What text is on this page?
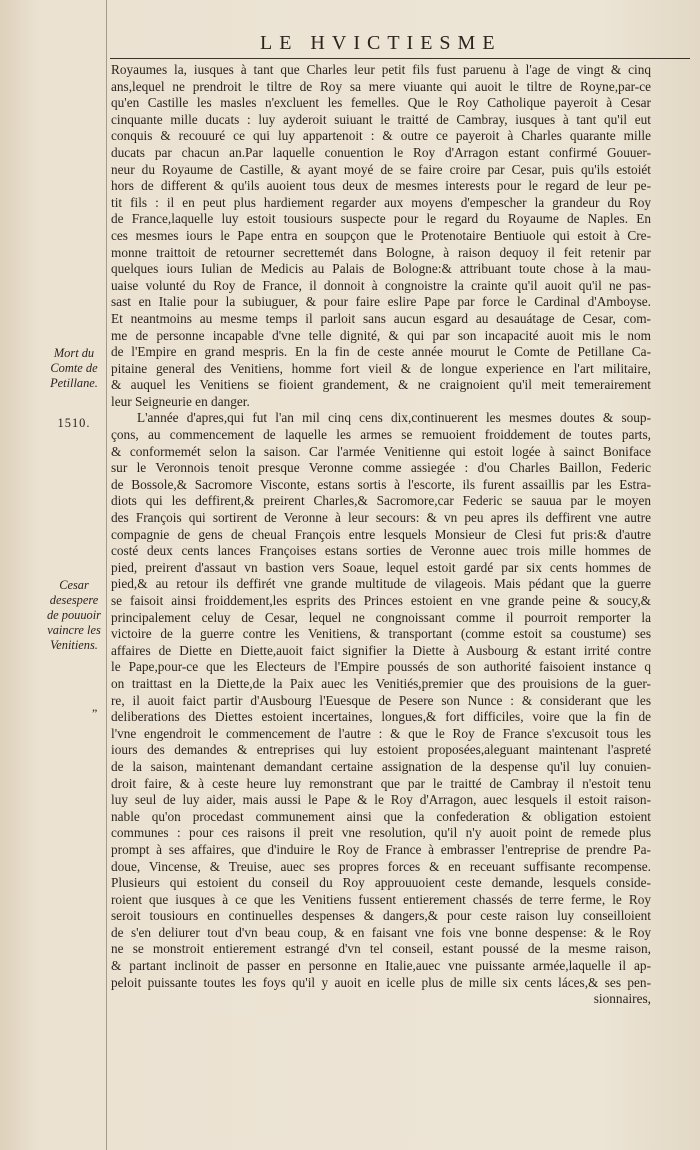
LE HVICTIESME
Mort du
Comte de
Petillane.
1510.
Cesar
desespere
de pouuoir
vaincre les
Venitiens.
”
Royaumes la, iusques à tant que Charles leur petit fils fust paruenu à l'age de vingt & cinq
ans,lequel ne prendroit le tiltre de Roy sa mere viuante qui auoit le tiltre de Royne,par-ce
qu'en Castille les masles n'excluent les femelles. Que le Roy Catholique payeroit à Cesar
cinquante mille ducats : luy ayderoit suiuant le traitté de Cambray, iusques à tant qu'il eut
conquis & recouuré ce qui luy appartenoit : & outre ce payeroit à Charles quarante mille
ducats par chacun an.Par laquelle conuention le Roy d'Arragon estant confirmé Gouuer-
neur du Royaume de Castille, & ayant moyé de se faire croire par Cesar, puis qu'ils estoiét
hors de different & qu'ils auoient tous deux de mesmes interests pour le regard de leur pe-
tit fils : il en peut plus hardiement regarder aux moyens d'empescher la grandeur du Roy
de France,laquelle luy estoit tousiours suspecte pour le regard du Royaume de Naples. En
ces mesmes iours le Pape entra en soupçon que le Protenotaire Bentiuole qui estoit à Cre-
monne traittoit de retourner secrettemét dans Bologne, à raison dequoy il feit retenir par
quelques iours Iulian de Medicis au Palais de Bologne:& attribuant toute chose à la mau-
uaise volunté du Roy de France, il donnoit à congnoistre la crainte qu'il auoit qu'il ne pas-
sast en Italie pour la subiuguer, & pour faire eslire Pape par force le Cardinal d'Amboyse.
Et neantmoins au mesme temps il parloit sans aucun esgard au desauátage de Cesar, com-
me de personne incapable d'vne telle dignité, & qui par son incapacité auoit mis le nom
de l'Empire en grand mespris. En la fin de ceste année mourut le Comte de Petillane Ca-
pitaine general des Venitiens, homme fort vieil & de longue experience en l'art militaire,
& auquel les Venitiens se fioient grandement, & ne craignoient qu'il meit temerairement
leur Seigneurie en danger.
L'année d'apres,qui fut l'an mil cinq cens dix,continuerent les mesmes doutes & soup-
çons, au commencement de laquelle les armes se remuoient froiddement de toutes parts,
& conformemét selon la saison. Car l'armée Venitienne qui estoit logée à sainct Boniface
sur le Veronnois tenoit presque Veronne comme assiegée : d'ou Charles Baillon, Federic
de Bossole,& Sacromore Visconte, estans sortis à l'escorte, ils furent assaillis par les Estra-
diots qui les deffirent,& preirent Charles,& Sacromore,car Federic se sauua par le moyen
des François qui sortirent de Veronne à leur secours: & vn peu apres ils deffirent vne autre
compagnie de gens de cheual François entre lesquels Monsieur de Clesi fut pris:& d'autre
costé deux cents lances Françoises estans sorties de Veronne auec trois mille hommes de
pied, preirent d'assaut vn bastion vers Soaue, lequel estoit gardé par six cents hommes de
pied,& au retour ils deffirét vne grande multitude de vilageois. Mais pédant que la guerre
se faisoit ainsi froiddement,les esprits des Princes estoient en vne grande peine & soucy,&
principalement celuy de Cesar, lequel ne congnoissant comme il pourroit remporter la
victoire de la guerre contre les Venitiens, & transportant (comme estoit sa coustume) ses
affaires de Diette en Diette,auoit faict signifier la Diette à Ausbourg & estant irrité contre
le Pape,pour-ce que les Electeurs de l'Empire poussés de son authorité faisoient instance q
on traittast en la Diette,de la Paix auec les Venitiés,premier que des prouisions de la guer-
re, il auoit faict partir d'Ausbourg l'Euesque de Pesere son Nunce : & considerant que les
deliberations des Diettes estoient incertaines, longues,& fort difficiles, voire que la fin de
l'vne engendroit le commencement de l'autre : & que le Roy de France s'excusoit tous les
iours des demandes & entreprises qui luy estoient proposées,aleguant maintenant l'aspreté
de la saison, maintenant demandant certaine assignation de la despense qu'il luy conuien-
droit faire, & à ceste heure luy remonstrant que par le traitté de Cambray il n'estoit tenu
luy seul de luy aider, mais aussi le Pape & le Roy d'Arragon, auec lesquels il estoit raison-
nable qu'on procedast communement ainsi que la confederation & obligation estoient
communes : pour ces raisons il preit vne resolution, qu'il n'y auoit point de remede plus
prompt à ses affaires, que d'induire le Roy de France à embrasser l'entreprise de prendre Pa-
doue, Vincense, & Treuise, auec ses propres forces & en receuant suffisante recompense.
Plusieurs qui estoient du conseil du Roy approuuoient ceste demande, lesquels conside-
roient que iusques à ce que les Venitiens fussent entierement chassés de terre ferme, le Roy
seroit tousiours en continuelles despenses & dangers,& pour ceste raison luy conseilloient
de s'en deliurer tout d'vn beau coup, & en faisant vne fois vne bonne despense: & le Roy
ne se monstroit entierement estrangé d'vn tel conseil, estant poussé de la mesme raison,
& partant inclinoit de passer en personne en Italie,auec vne puissante armée,laquelle il ap-
peloit puissante toutes les foys qu'il y auoit en icelle plus de mille six cents láces,& ses pen-
sionnaires,
